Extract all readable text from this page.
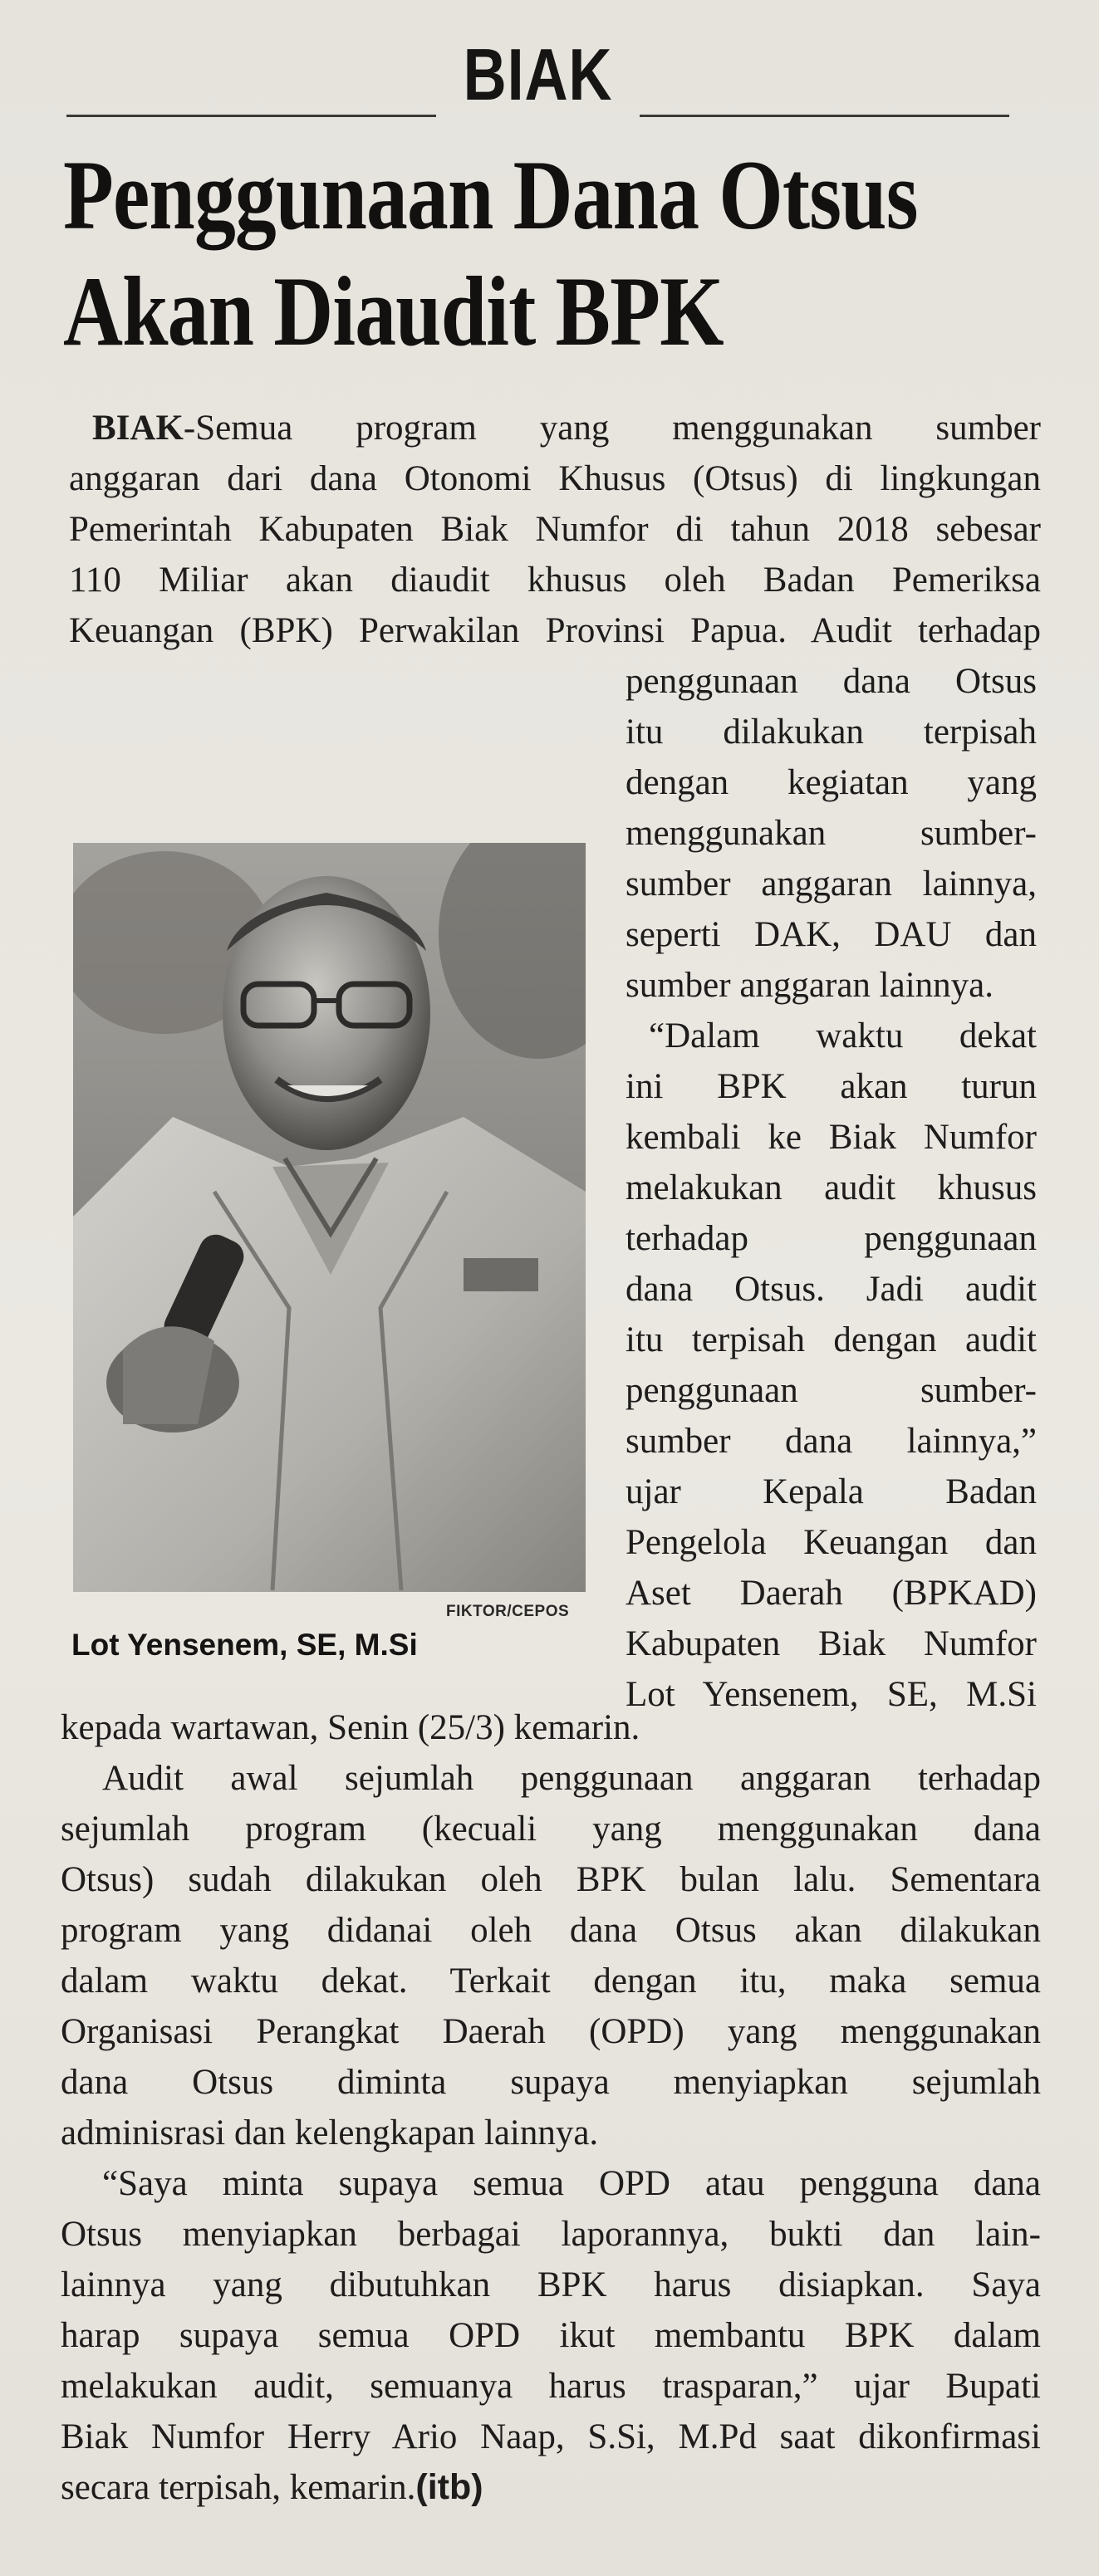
BIAK
Penggunaan Dana Otsus
Akan Diaudit BPK
BIAK-Semua program yang menggunakan sumber
anggaran dari dana Otonomi Khusus (Otsus) di lingkungan
Pemerintah Kabupaten Biak Numfor di tahun 2018 sebesar
110 Miliar akan diaudit khusus oleh Badan Pemeriksa
Keuangan (BPK) Perwakilan Provinsi Papua. Audit terhadap
penggunaan dana Otsus
itu dilakukan terpisah
dengan kegiatan yang
menggunakan sumber-
sumber anggaran lainnya,
seperti DAK, DAU dan
sumber anggaran lainnya.
“Dalam waktu dekat
ini BPK akan turun
kembali ke Biak Numfor
melakukan audit khusus
terhadap penggunaan
dana Otsus. Jadi audit
itu terpisah dengan audit
penggunaan sumber-
sumber dana lainnya,”
ujar Kepala Badan
Pengelola Keuangan dan
Aset Daerah (BPKAD)
Kabupaten Biak Numfor
Lot Yensenem, SE, M.Si
FIKTOR/CEPOS
Lot Yensenem, SE, M.Si
kepada wartawan, Senin (25/3) kemarin.
Audit awal sejumlah penggunaan anggaran terhadap
sejumlah program (kecuali yang menggunakan dana
Otsus) sudah dilakukan oleh BPK bulan lalu. Sementara
program yang didanai oleh dana Otsus akan dilakukan
dalam waktu dekat. Terkait dengan itu, maka semua
Organisasi Perangkat Daerah (OPD) yang menggunakan
dana Otsus diminta supaya menyiapkan sejumlah
adminisrasi dan kelengkapan lainnya.
“Saya minta supaya semua OPD atau pengguna dana
Otsus menyiapkan berbagai laporannya, bukti dan lain-
lainnya yang dibutuhkan BPK harus disiapkan. Saya
harap supaya semua OPD ikut membantu BPK dalam
melakukan audit, semuanya harus trasparan,” ujar Bupati
Biak Numfor Herry Ario Naap, S.Si, M.Pd saat dikonfirmasi
secara terpisah, kemarin.(itb)
